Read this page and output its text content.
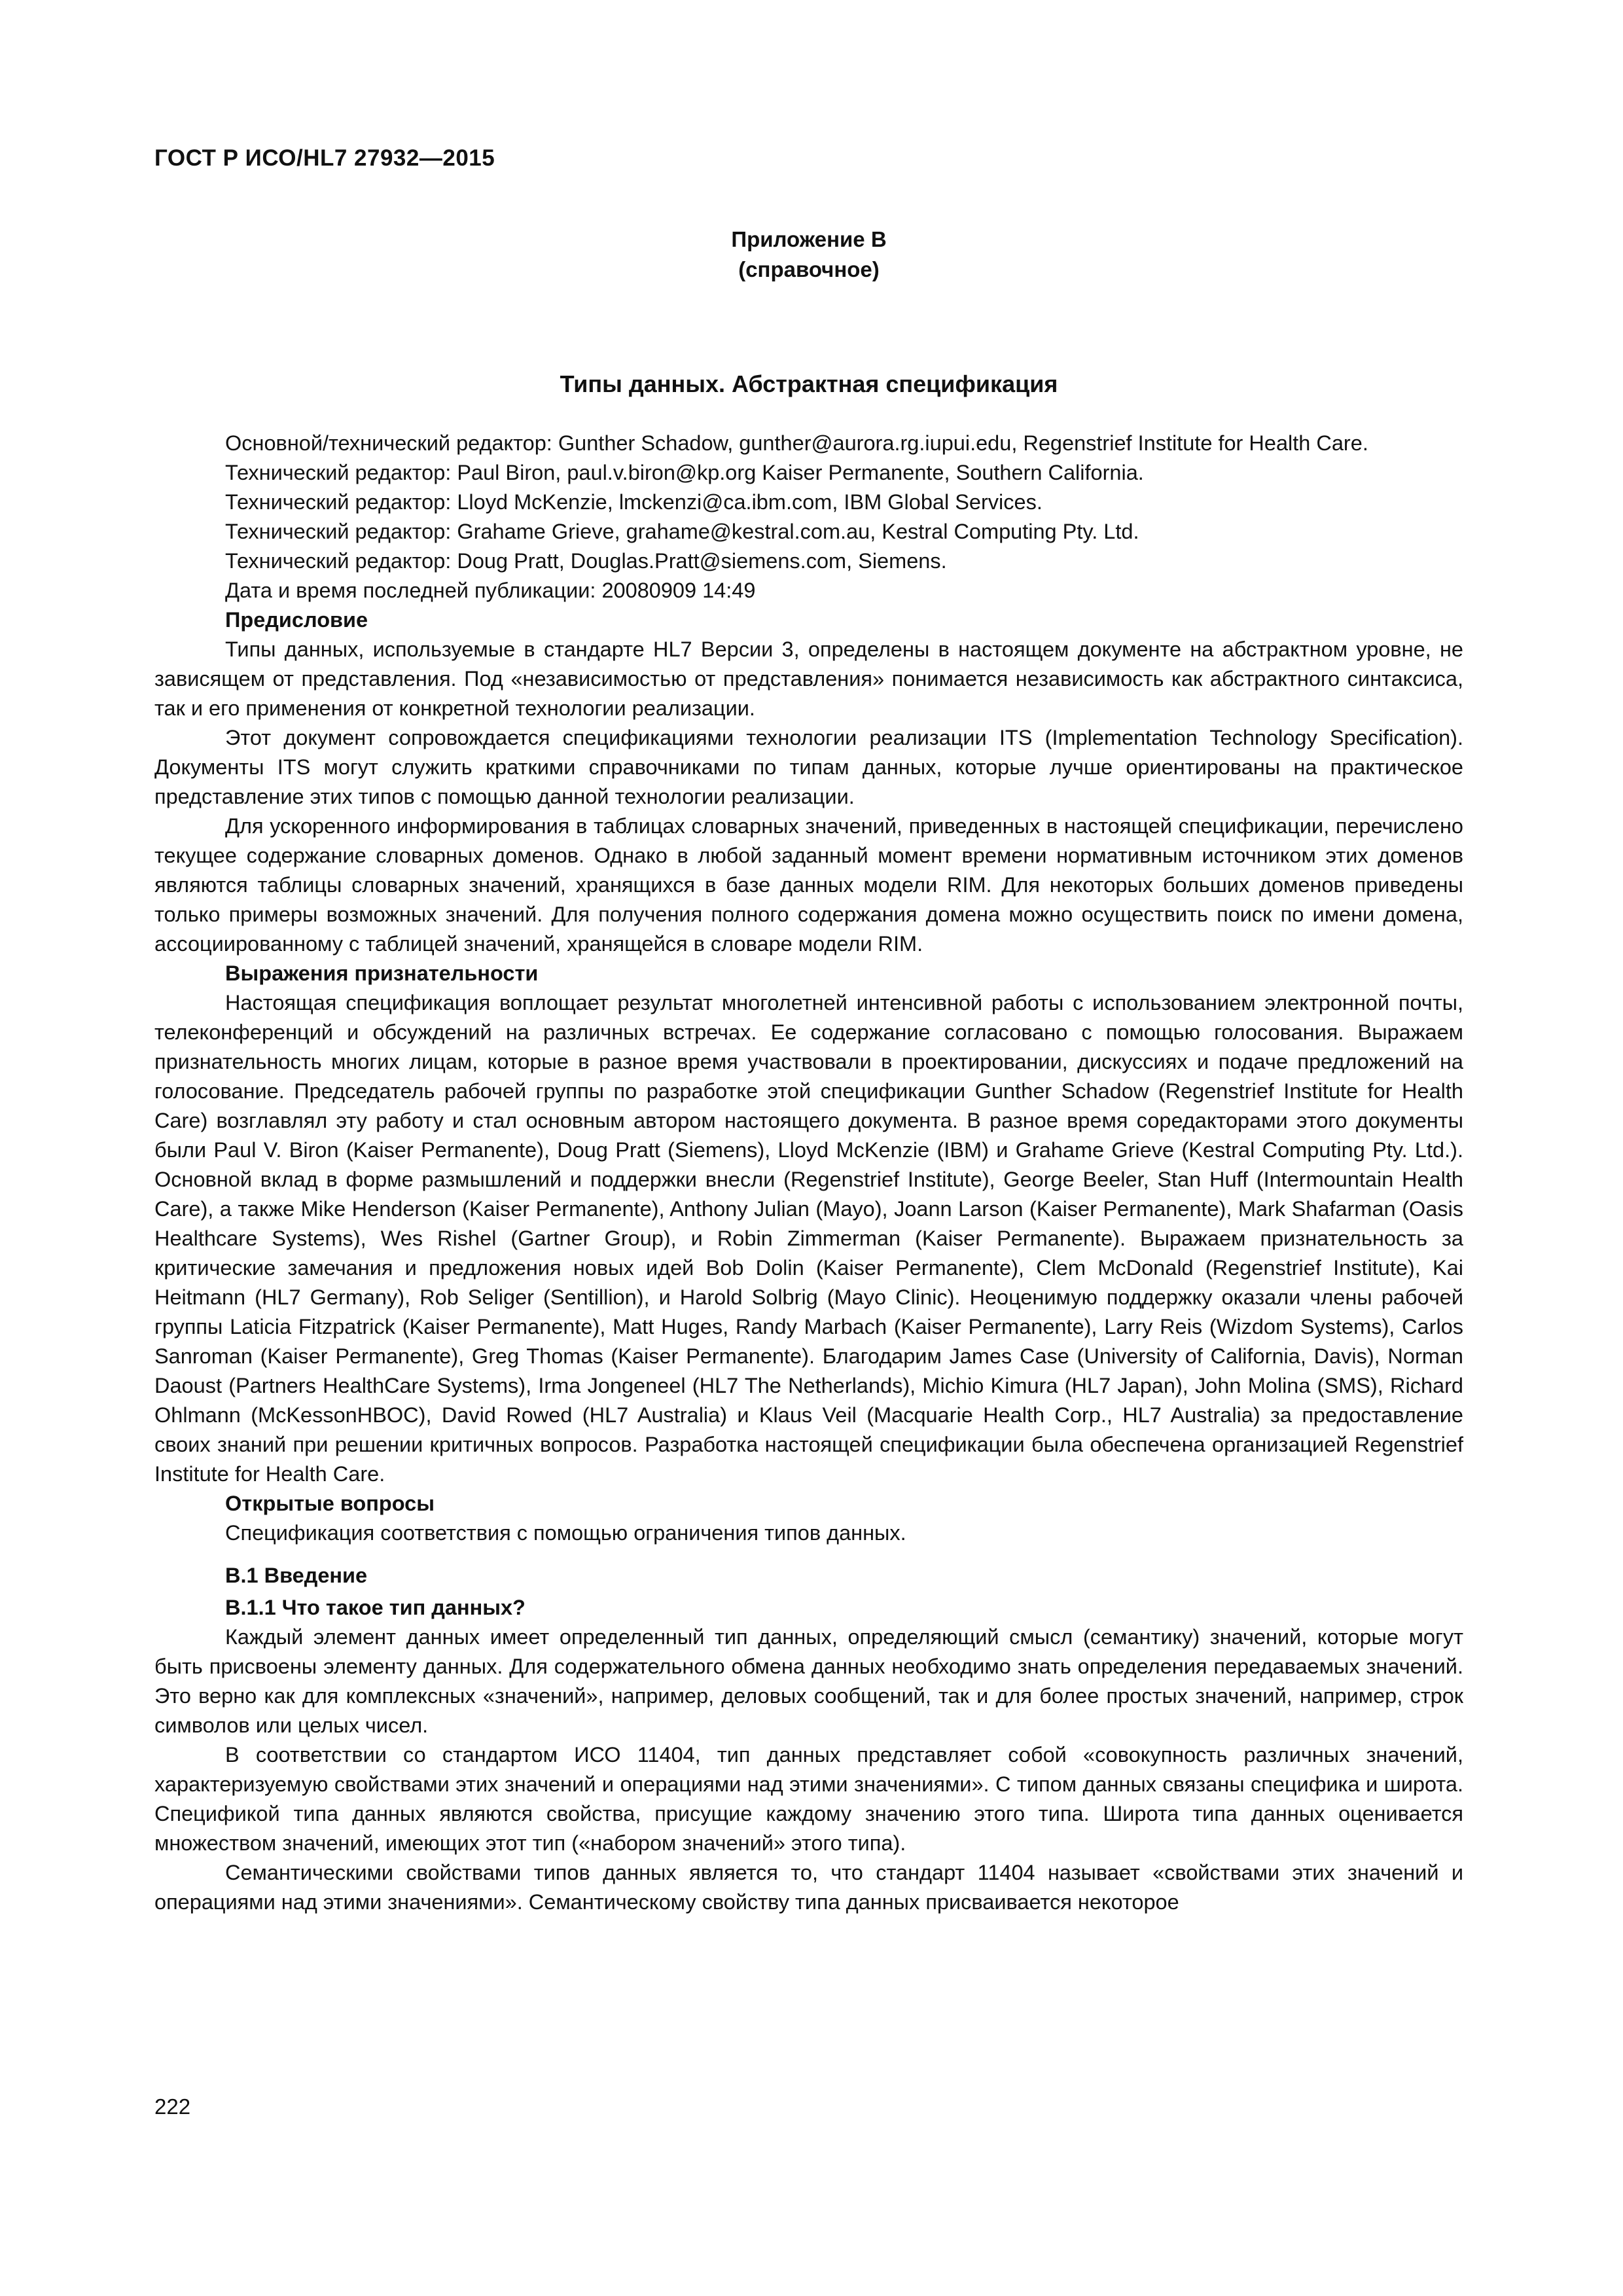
ГОСТ Р ИСО/HL7 27932—2015
Приложение В
(справочное)
Типы данных. Абстрактная спецификация

Основной/технический редактор: Gunther Schadow, gunther@aurora.rg.iupui.edu, Regenstrief Institute for Health Care.

Технический редактор: Paul Biron, paul.v.biron@kp.org Kaiser Permanente, Southern California.

Технический редактор: Lloyd McKenzie, lmckenzi@ca.ibm.com, IBM Global Services.

Технический редактор: Grahame Grieve, grahame@kestral.com.au, Kestral Computing Pty. Ltd.

Технический редактор: Doug Pratt, Douglas.Pratt@siemens.com, Siemens.

Дата и время последней публикации: 20080909 14:49

Предисловие

Типы данных, используемые в стандарте HL7 Версии 3, определены в настоящем документе на абстрактном уровне, не зависящем от представления. Под «независимостью от представления» понимается независимость как абстрактного синтаксиса, так и его применения от конкретной технологии реализации.

Этот документ сопровождается спецификациями технологии реализации ITS (Implementation Technology Specification). Документы ITS могут служить краткими справочниками по типам данных, которые лучше ориентированы на практическое представление этих типов с помощью данной технологии реализации.

Для ускоренного информирования в таблицах словарных значений, приведенных в настоящей спецификации, перечислено текущее содержание словарных доменов. Однако в любой заданный момент времени нормативным источником этих доменов являются таблицы словарных значений, хранящихся в базе данных модели RIM. Для некоторых больших доменов приведены только примеры возможных значений. Для получения полного содержания домена можно осуществить поиск по имени домена, ассоциированному с таблицей значений, хранящейся в словаре модели RIM.

Выражения признательности

Настоящая спецификация воплощает результат многолетней интенсивной работы с использованием электронной почты, телеконференций и обсуждений на различных встречах. Ее содержание согласовано с помощью голосования. Выражаем признательность многих лицам, которые в разное время участвовали в проектировании, дискуссиях и подаче предложений на голосование. Председатель рабочей группы по разработке этой спецификации Gunther Schadow (Regenstrief Institute for Health Care) возглавлял эту работу и стал основным автором настоящего документа. В разное время соредакторами этого документы были Paul V. Biron (Kaiser Permanente), Doug Pratt (Siemens), Lloyd McKenzie (IBM) и Grahame Grieve (Kestral Computing Pty. Ltd.). Основной вклад в форме размышлений и поддержки внесли (Regenstrief Institute), George Beeler, Stan Huff (Intermountain Health Care), а также Mike Henderson (Kaiser Permanente), Anthony Julian (Mayo), Joann Larson (Kaiser Permanente), Mark Shafarman (Oasis Healthcare Systems), Wes Rishel (Gartner Group), и Robin Zimmerman (Kaiser Permanente). Выражаем признательность за критические замечания и предложения новых идей Bob Dolin (Kaiser Permanente), Clem McDonald (Regenstrief Institute), Kai Heitmann (HL7 Germany), Rob Seliger (Sentillion), и Harold Solbrig (Mayo Clinic). Неоценимую поддержку оказали члены рабочей группы Laticia Fitzpatrick (Kaiser Permanente), Matt Huges, Randy Marbach (Kaiser Permanente), Larry Reis (Wizdom Systems), Carlos Sanroman (Kaiser Permanente), Greg Thomas (Kaiser Permanente). Благодарим James Case (University of California, Davis), Norman Daoust (Partners HealthCare Systems), Irma Jongeneel (HL7 The Netherlands), Michio Kimura (HL7 Japan), John Molina (SMS), Richard Ohlmann (McKessonHBOC), David Rowed (HL7 Australia) и Klaus Veil (Macquarie Health Corp., HL7 Australia) за предоставление своих знаний при решении критичных вопросов. Разработка настоящей спецификации была обеспечена организацией Regenstrief Institute for Health Care.

Открытые вопросы

Спецификация соответствия с помощью ограничения типов данных.

В.1 Введение
В.1.1 Что такое тип данных?

Каждый элемент данных имеет определенный тип данных, определяющий смысл (семантику) значений, которые могут быть присвоены элементу данных. Для содержательного обмена данных необходимо знать определения передаваемых значений. Это верно как для комплексных «значений», например, деловых сообщений, так и для более простых значений, например, строк символов или целых чисел.

В соответствии со стандартом ИСО 11404, тип данных представляет собой «совокупность различных значений, характеризуемую свойствами этих значений и операциями над этими значениями». С типом данных связаны специфика и широта. Спецификой типа данных являются свойства, присущие каждому значению этого типа. Широта типа данных оценивается множеством значений, имеющих этот тип («набором значений» этого типа).

Семантическими свойствами типов данных является то, что стандарт 11404 называет «свойствами этих значений и операциями над этими значениями». Семантическому свойству типа данных присваивается некоторое

222
